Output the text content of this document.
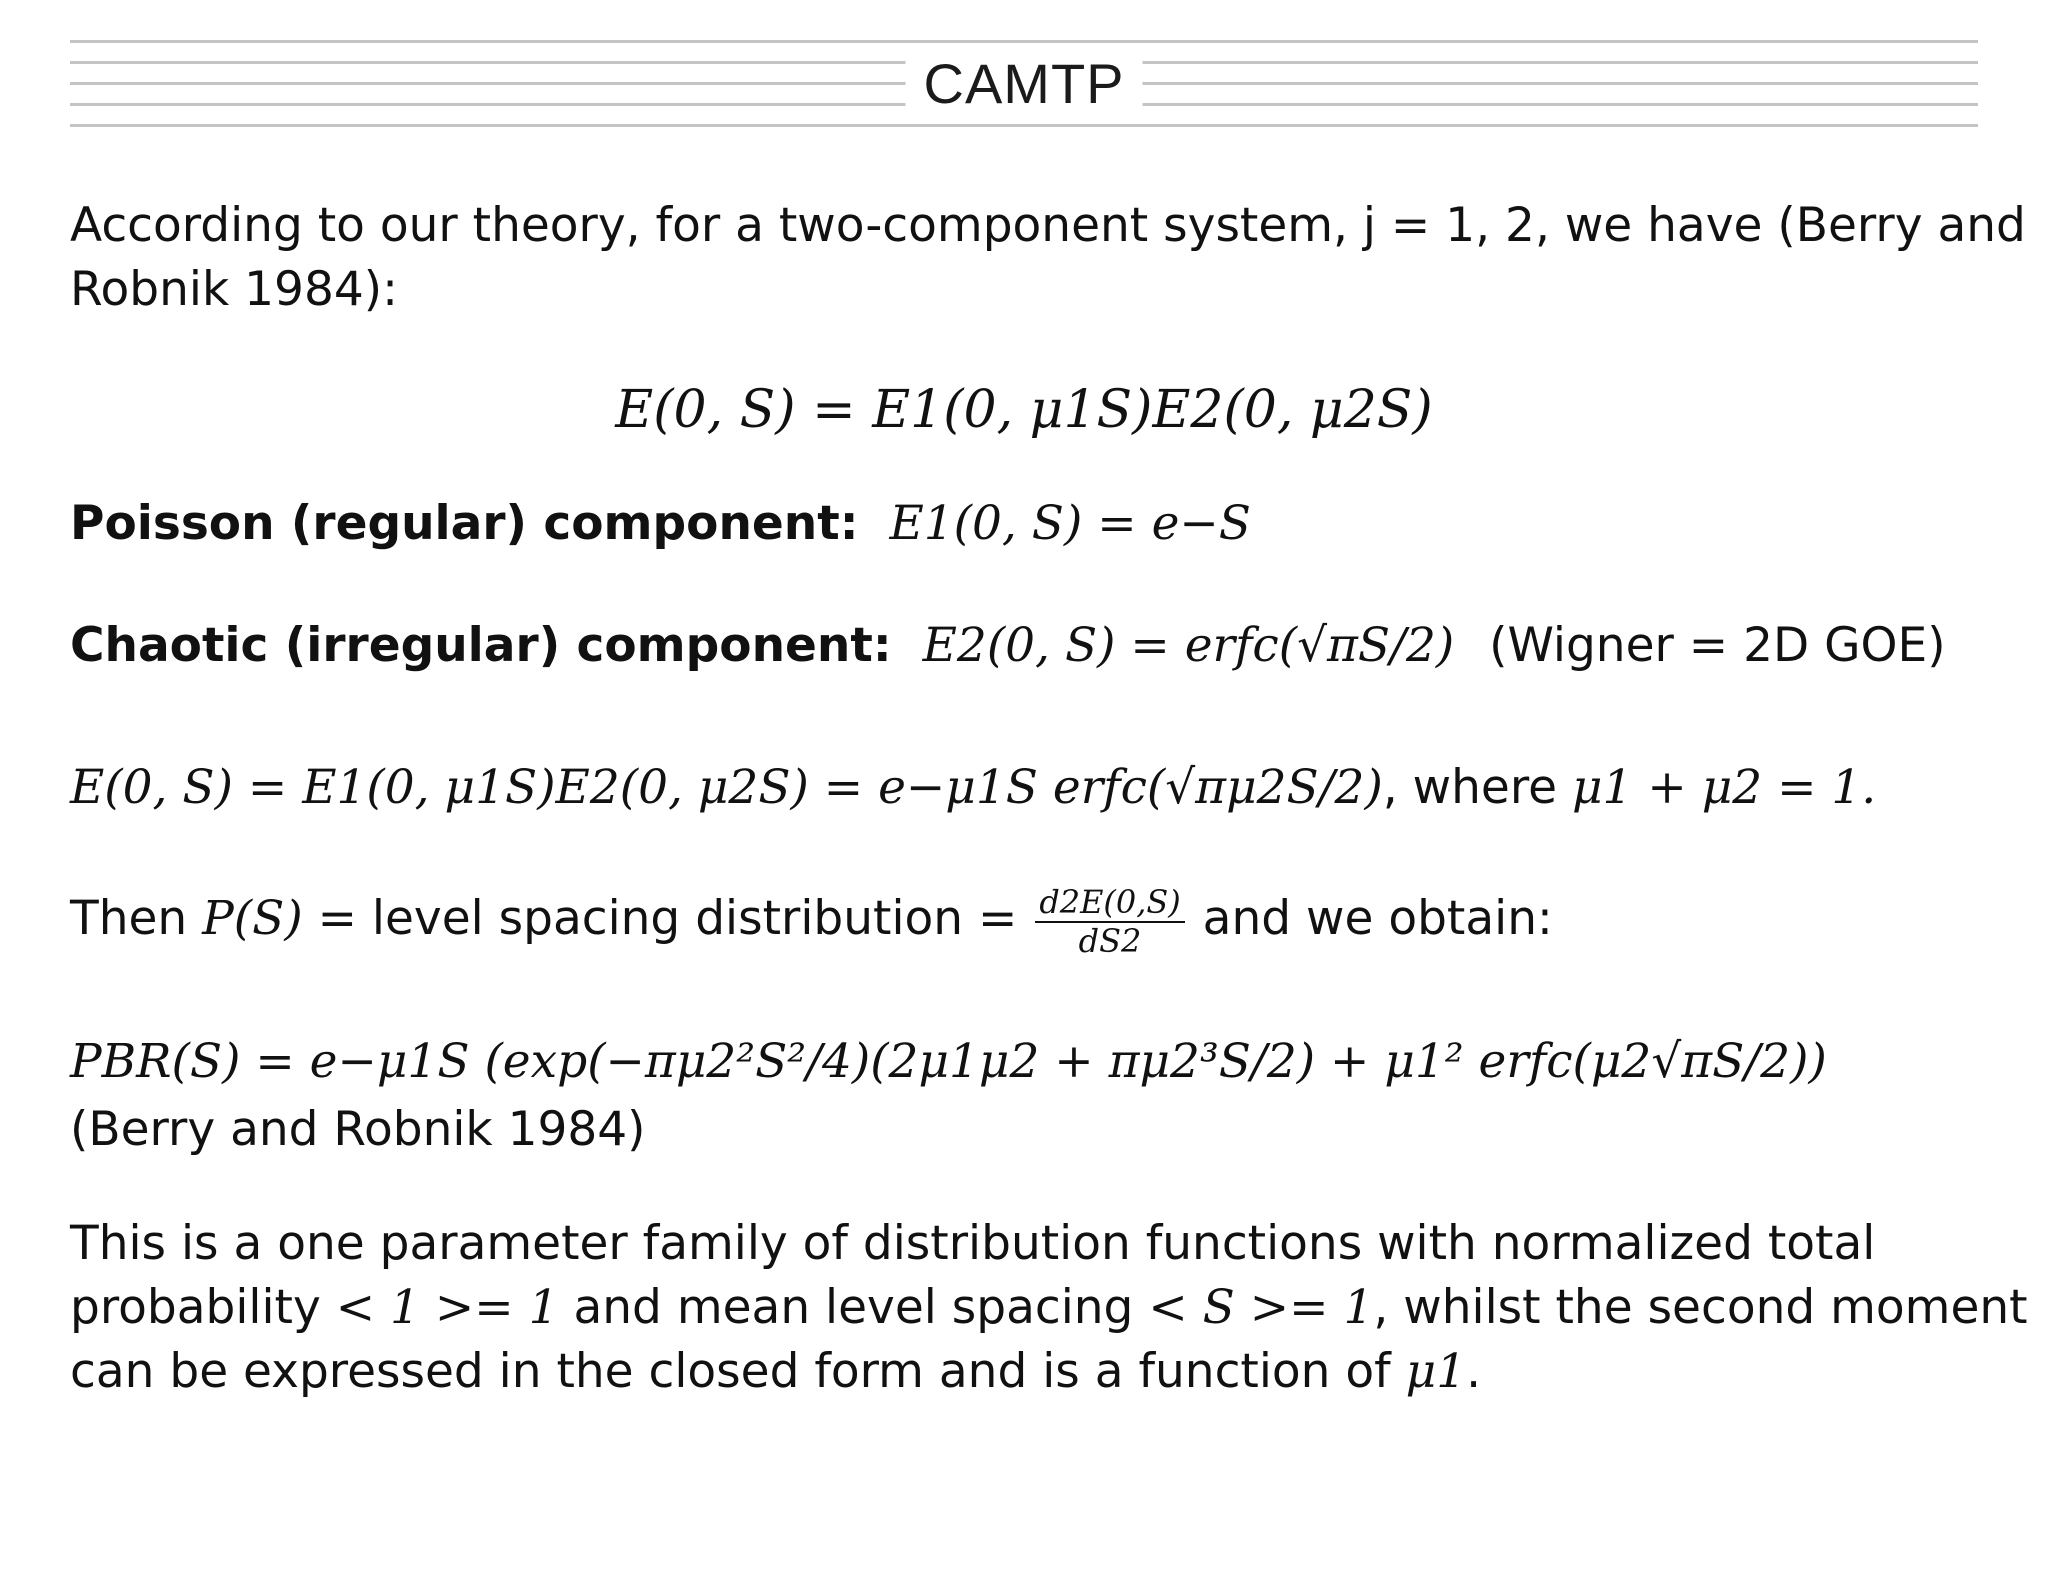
CAMTP
According to our theory, for a two-component system, j = 1, 2, we have (Berry and
Robnik 1984):
E(0, S) = E1(0, μ1S)E2(0, μ2S)
Poisson (regular) component: E1(0, S) = e−S
Chaotic (irregular) component: E2(0, S) = erfc(√πS/2) (Wigner = 2D GOE)
E(0, S) = E1(0, μ1S)E2(0, μ2S) = e−μ1S erfc(√πμ2S/2), where μ1 + μ2 = 1.
Then P(S) = level spacing distribution = $\frac{d2E(0,S)}{dS2}$ and we obtain:
PBR(S) = e−μ1S (exp(−πμ2²S²/4)(2μ1μ2 + πμ2³S/2) + μ1² erfc(μ2√πS/2))
(Berry and Robnik 1984)
This is a one parameter family of distribution functions with normalized total
probability < 1 >= 1 and mean level spacing < S >= 1, whilst the second moment
can be expressed in the closed form and is a function of μ1.
